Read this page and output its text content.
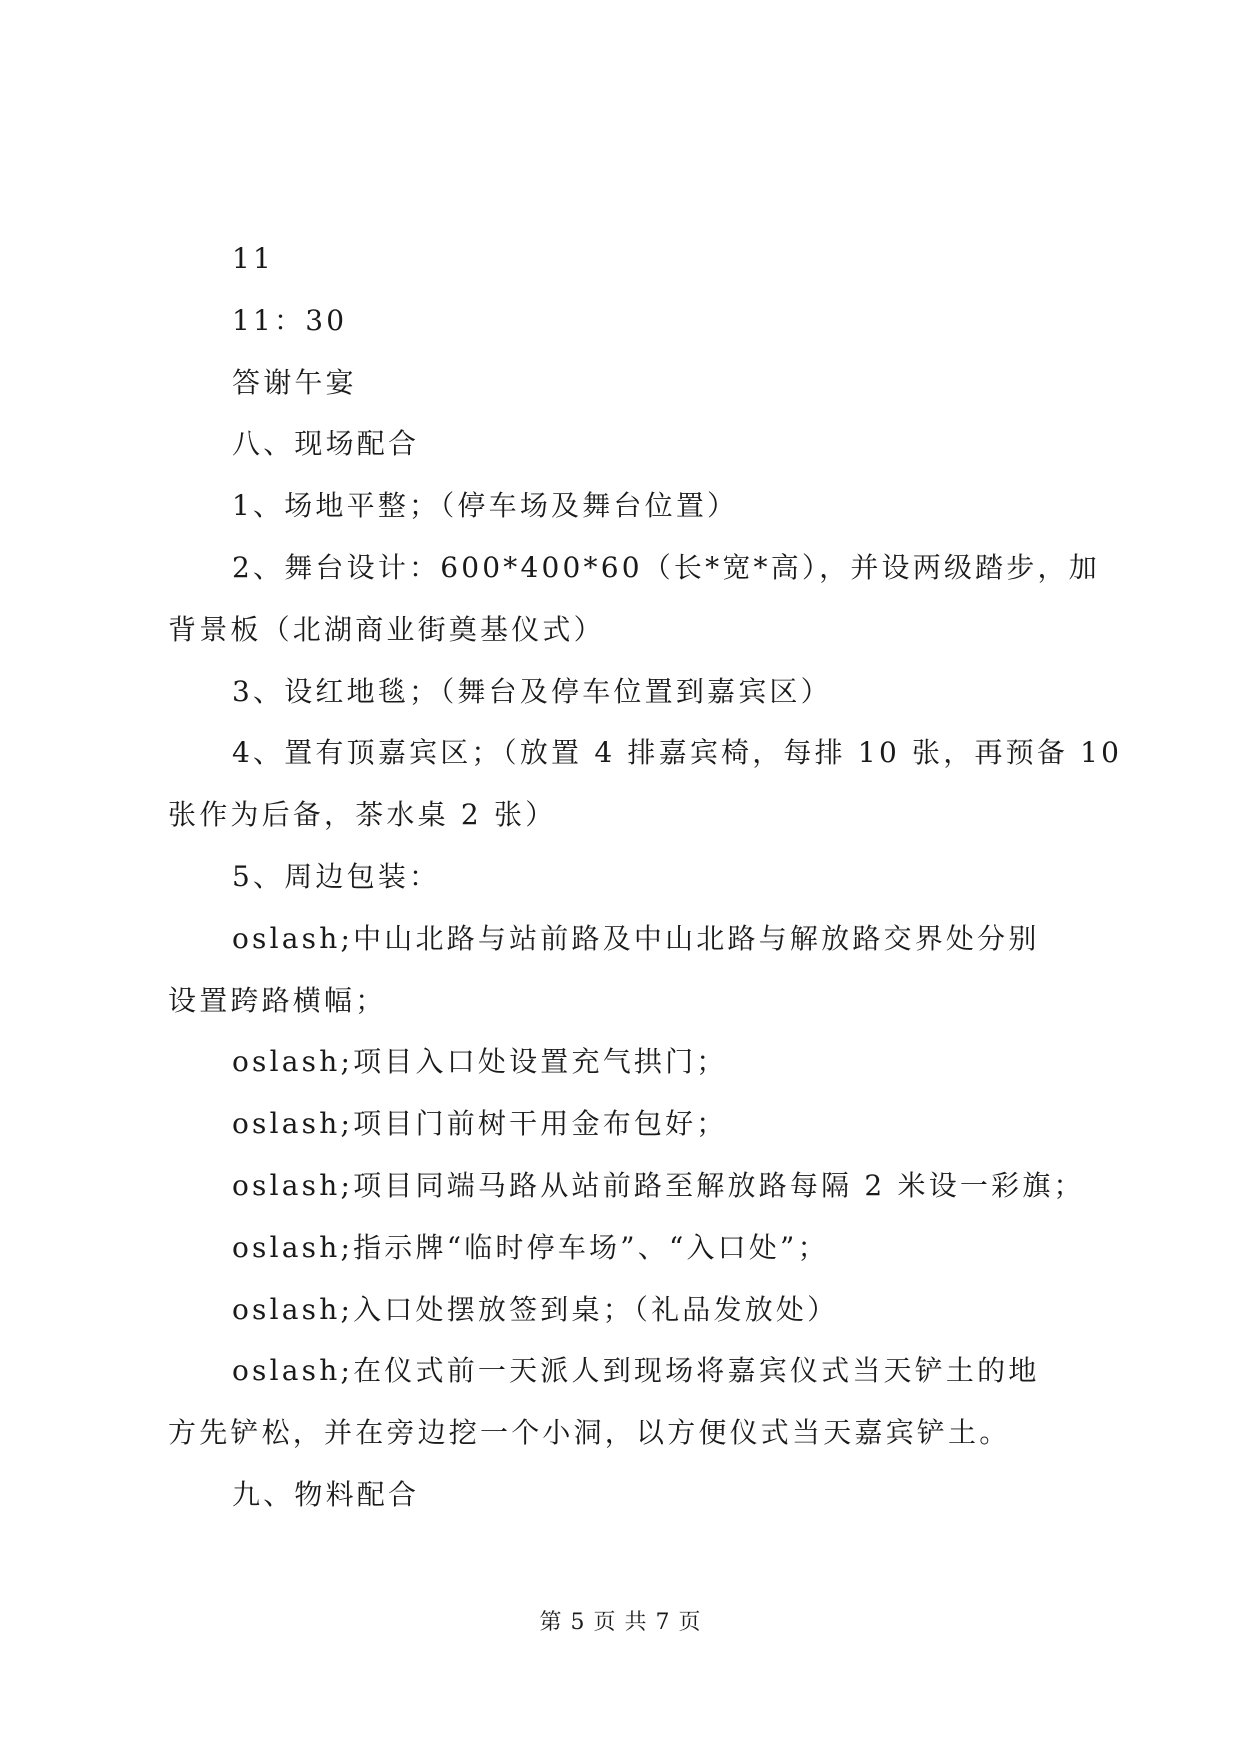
11
11：30
答谢午宴
八、现场配合
1、场地平整；（停车场及舞台位置）
2、舞台设计：600*400*60（长*宽*高），并设两级踏步，加
背景板（北湖商业街奠基仪式）
3、设红地毯；（舞台及停车位置到嘉宾区）
4、置有顶嘉宾区；（放置 4 排嘉宾椅，每排 10 张，再预备 10
张作为后备，茶水桌 2 张）
5、周边包装：
oslash;中山北路与站前路及中山北路与解放路交界处分别
设置跨路横幅；
oslash;项目入口处设置充气拱门；
oslash;项目门前树干用金布包好；
oslash;项目同端马路从站前路至解放路每隔 2 米设一彩旗；
oslash;指示牌“临时停车场”、“入口处”；
oslash;入口处摆放签到桌；（礼品发放处）
oslash;在仪式前一天派人到现场将嘉宾仪式当天铲土的地
方先铲松，并在旁边挖一个小洞，以方便仪式当天嘉宾铲土。
九、物料配合
第 5 页 共 7 页
